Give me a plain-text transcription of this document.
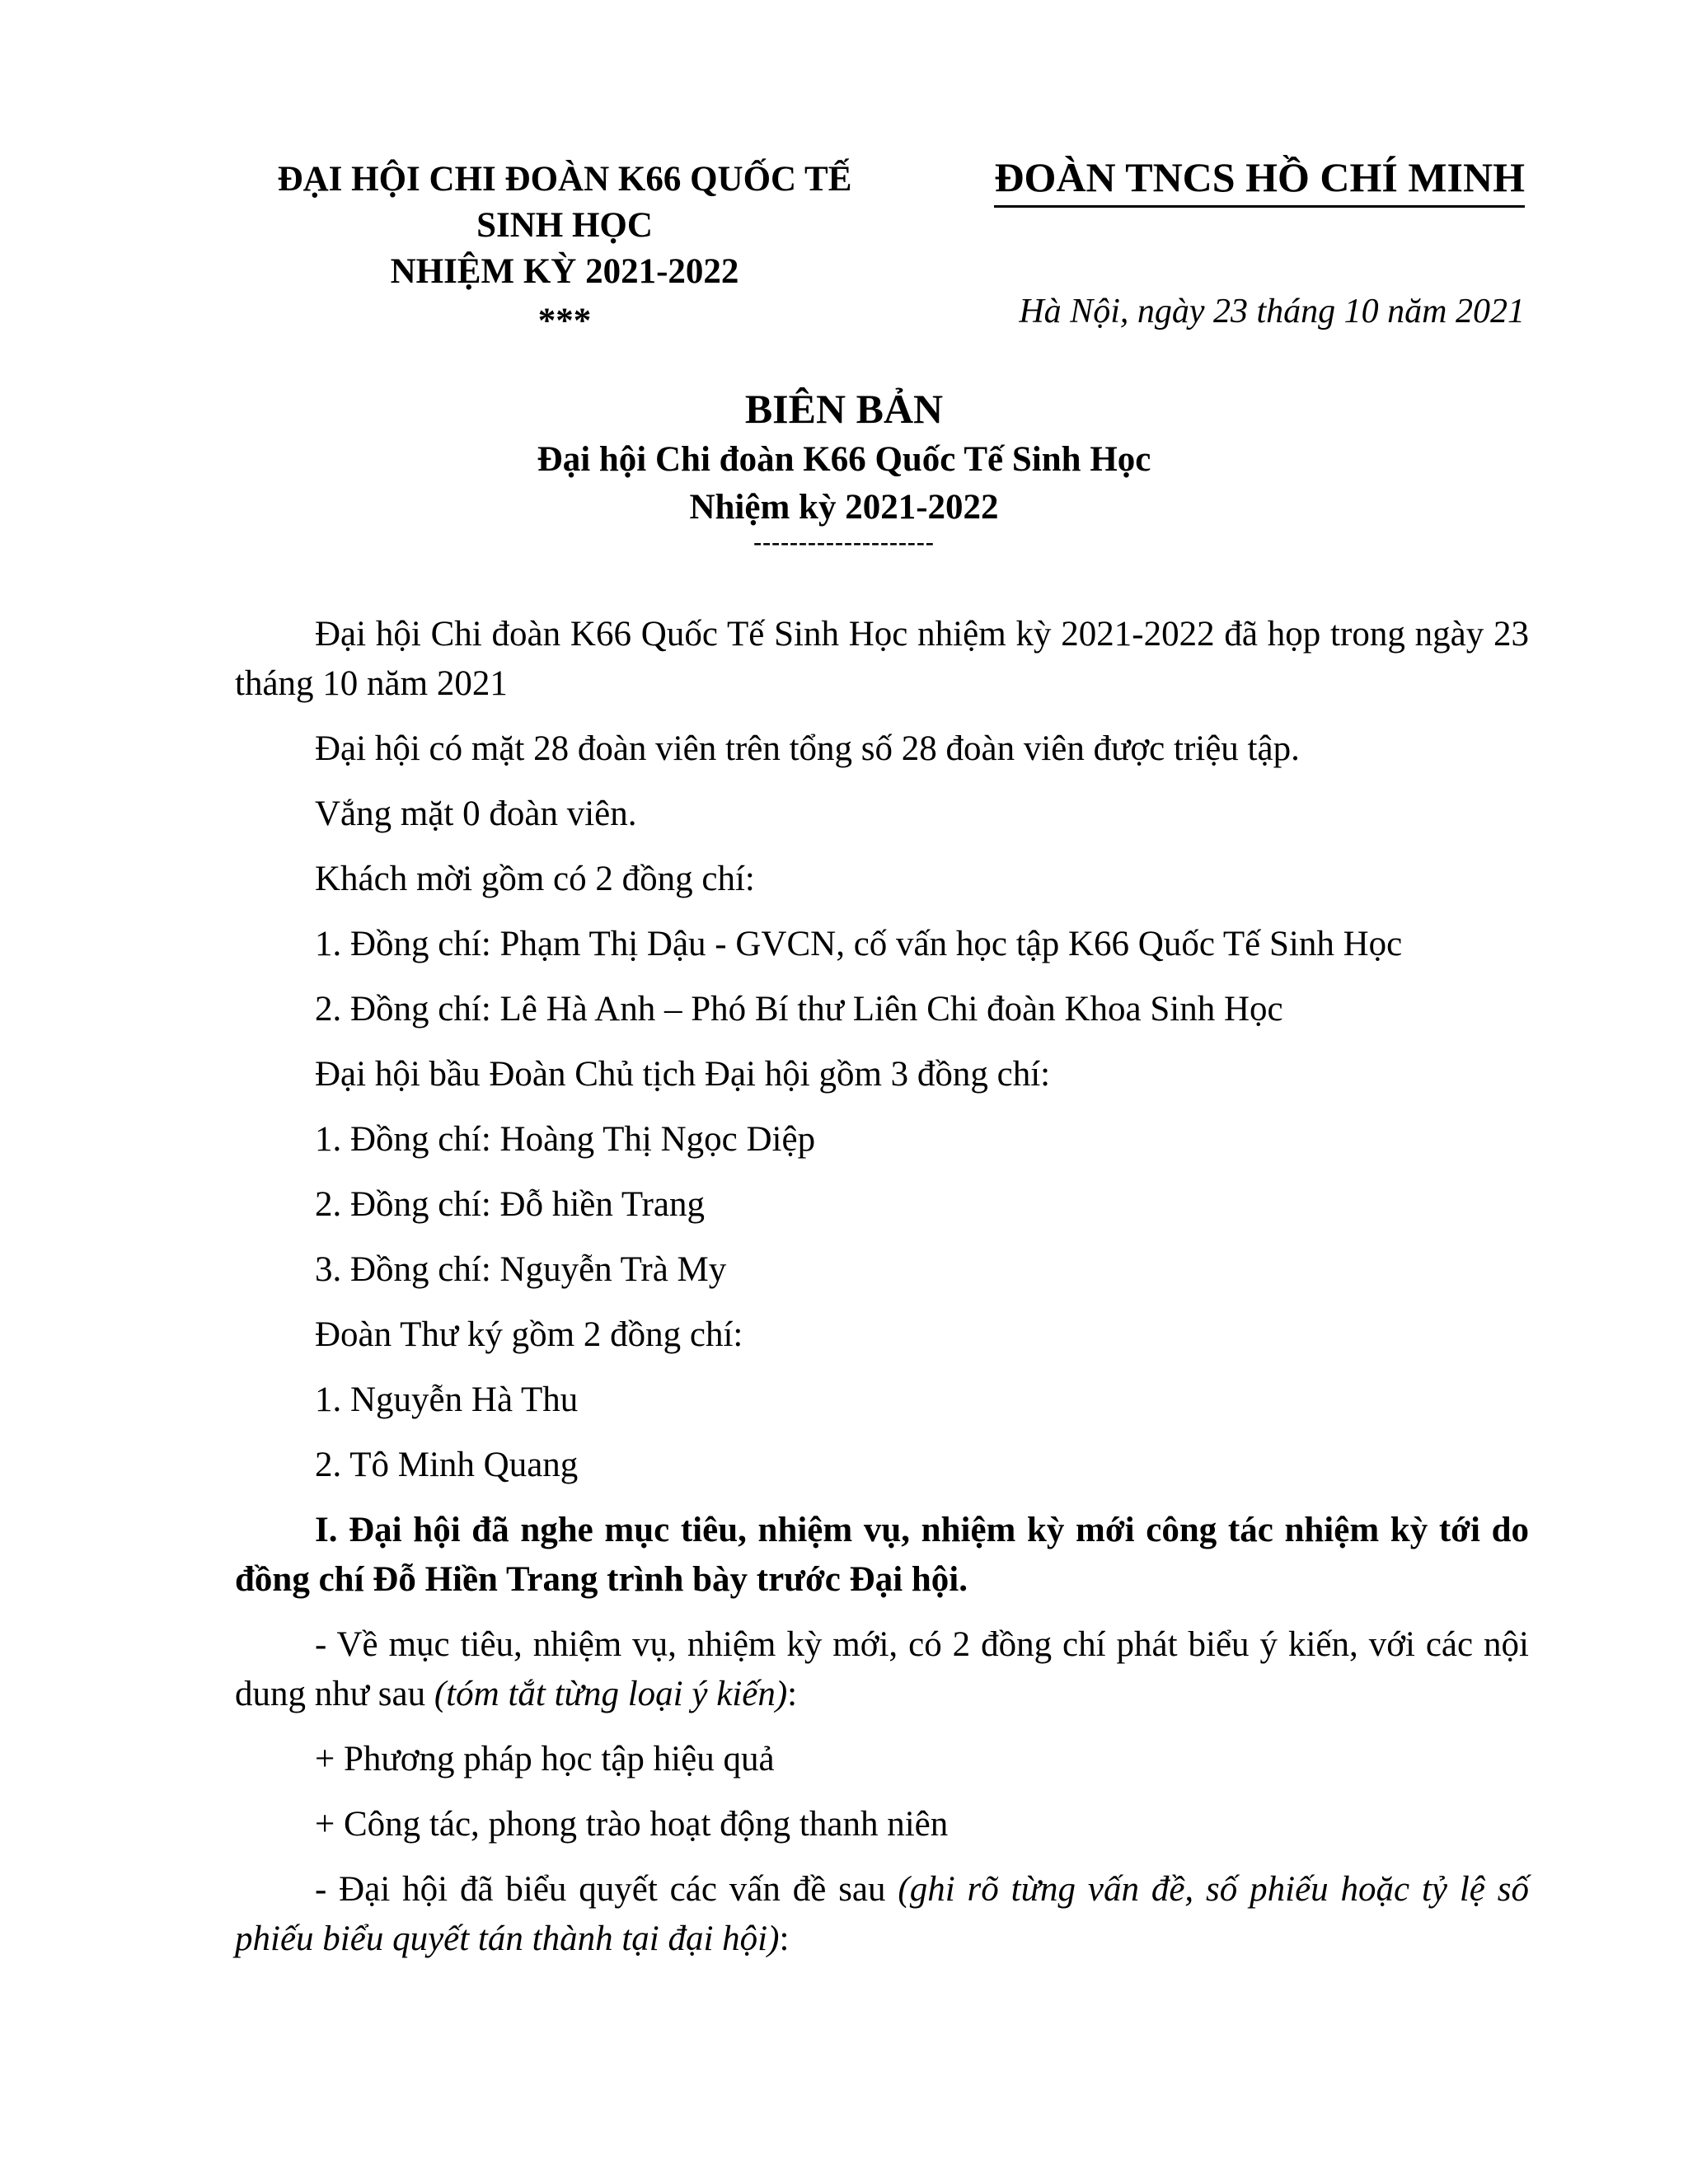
ĐẠI HỘI CHI ĐOÀN K66 QUỐC TẾ
SINH HỌC
NHIỆM KỲ 2021-2022
***
ĐOÀN TNCS HỒ CHÍ MINH
Hà Nội, ngày 23 tháng 10 năm 2021
BIÊN BẢN
Đại hội Chi đoàn K66 Quốc Tế Sinh Học
Nhiệm kỳ 2021-2022
--------------------

Đại hội Chi đoàn K66 Quốc Tế Sinh Học nhiệm kỳ 2021-2022 đã họp trong ngày 23 tháng 10 năm 2021

Đại hội có mặt 28 đoàn viên trên tổng số 28 đoàn viên được triệu tập.

Vắng mặt 0 đoàn viên.

Khách mời gồm có 2 đồng chí:

1. Đồng chí: Phạm Thị Dậu - GVCN, cố vấn học tập K66 Quốc Tế Sinh Học

2. Đồng chí: Lê Hà Anh – Phó Bí thư Liên Chi đoàn Khoa Sinh Học

Đại hội bầu Đoàn Chủ tịch Đại hội gồm 3 đồng chí:

1. Đồng chí: Hoàng Thị Ngọc Diệp

2. Đồng chí: Đỗ hiền Trang

3. Đồng chí: Nguyễn Trà My

Đoàn Thư ký gồm 2 đồng chí:

1. Nguyễn Hà Thu

2. Tô Minh Quang

I. Đại hội đã nghe mục tiêu, nhiệm vụ, nhiệm kỳ mới công tác nhiệm kỳ tới do đồng chí Đỗ Hiền Trang trình bày trước Đại hội.

- Về mục tiêu, nhiệm vụ, nhiệm kỳ mới, có 2 đồng chí phát biểu ý kiến, với các nội dung như sau (tóm tắt từng loại ý kiến):

+ Phương pháp học tập hiệu quả

+ Công tác, phong trào hoạt động thanh niên

- Đại hội đã biểu quyết các vấn đề sau (ghi rõ từng vấn đề, số phiếu hoặc tỷ lệ số phiếu biểu quyết tán thành tại đại hội):
